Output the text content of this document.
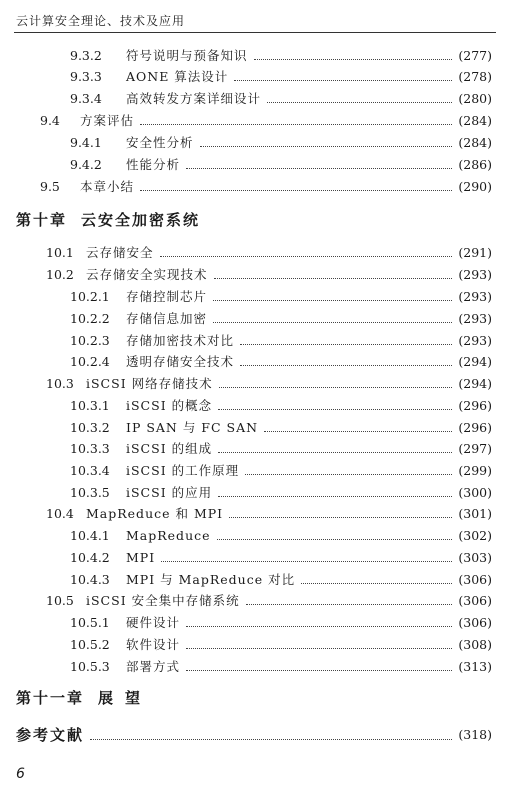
云计算安全理论、技术及应用
9.3.2	符号说明与预备知识	(277)
9.3.3	AONE 算法设计	(278)
9.3.4	高效转发方案详细设计	(280)
9.4	方案评估	(284)
9.4.1	安全性分析	(284)
9.4.2	性能分析	(286)
9.5	本章小结	(290)
第十章 云安全加密系统
10.1 云存储安全	(291)
10.2 云存储安全实现技术	(293)
10.2.1	存储控制芯片	(293)
10.2.2	存储信息加密	(293)
10.2.3	存储加密技术对比	(293)
10.2.4	透明存储安全技术	(294)
10.3 iSCSI 网络存储技术	(294)
10.3.1	iSCSI 的概念	(296)
10.3.2	IP SAN 与 FC SAN	(296)
10.3.3	iSCSI 的组成	(297)
10.3.4	iSCSI 的工作原理	(299)
10.3.5	iSCSI 的应用	(300)
10.4 MapReduce 和 MPI	(301)
10.4.1	MapReduce	(302)
10.4.2	MPI	(303)
10.4.3	MPI 与 MapReduce 对比	(306)
10.5 iSCSI 安全集中存储系统	(306)
10.5.1	硬件设计	(306)
10.5.2	软件设计	(308)
10.5.3	部署方式	(313)
第十一章 展望
参考文献	(318)
6
